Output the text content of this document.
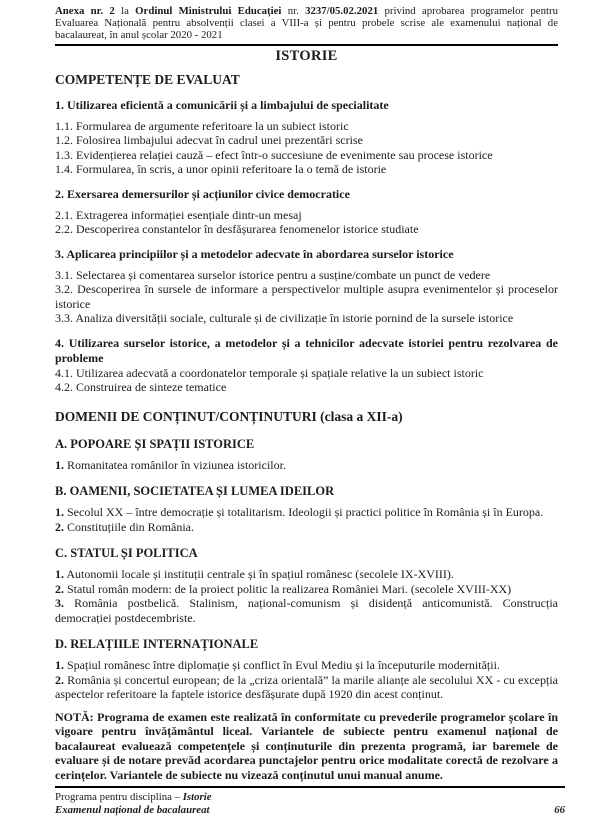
Anexa nr. 2 la Ordinul Ministrului Educației nr. 3237/05.02.2021 privind aprobarea programelor pentru Evaluarea Națională pentru absolvenții clasei a VIII-a și pentru probele scrise ale examenului național de bacalaureat, în anul școlar 2020 - 2021

ISTORIE
COMPETENȚE DE EVALUAT
1. Utilizarea eficientă a comunicării și a limbajului de specialitate

1.1. Formularea de argumente referitoare la un subiect istoric

1.2. Folosirea limbajului adecvat în cadrul unei prezentări scrise

1.3. Evidențierea relației cauză – efect într-o succesiune de evenimente sau procese istorice

1.4. Formularea, în scris, a unor opinii referitoare la o temă de istorie

2. Exersarea demersurilor și acțiunilor civice democratice

2.1. Extragerea informației esențiale dintr-un mesaj

2.2. Descoperirea constantelor în desfășurarea fenomenelor istorice studiate

3. Aplicarea principiilor și a metodelor adecvate în abordarea surselor istorice

3.1. Selectarea și comentarea surselor istorice pentru a susține/combate un punct de vedere

3.2. Descoperirea în sursele de informare a perspectivelor multiple asupra evenimentelor și proceselor istorice

3.3. Analiza diversității sociale, culturale și de civilizație în istorie pornind de la sursele istorice

4. Utilizarea surselor istorice, a metodelor și a tehnicilor adecvate istoriei pentru rezolvarea de probleme

4.1. Utilizarea adecvată a coordonatelor temporale și spațiale relative la un subiect istoric

4.2. Construirea de sinteze tematice

DOMENII DE CONȚINUT/CONȚINUTURI (clasa a XII-a)
A. POPOARE ȘI SPAȚII ISTORICE

1. Romanitatea românilor în viziunea istoricilor.

B. OAMENII, SOCIETATEA ȘI LUMEA IDEILOR

1. Secolul XX – între democrație și totalitarism. Ideologii și practici politice în România și în Europa.

2. Constituțiile din România.

C. STATUL ȘI POLITICA

1. Autonomii locale și instituții centrale și în spațiul românesc (secolele IX-XVIII).

2. Statul român modern: de la proiect politic la realizarea României Mari. (secolele XVIII-XX)

3. România postbelică. Stalinism, național-comunism și disidență anticomunistă. Construcția democrației postdecembriste.

D. RELAȚIILE INTERNAȚIONALE

1. Spațiul românesc între diplomație și conflict în Evul Mediu și la începuturile modernității.

2. România și concertul european; de la „criza orientală” la marile alianțe ale secolului XX - cu excepția aspectelor referitoare la faptele istorice desfășurate după 1920 din acest conținut.

NOTĂ: Programa de examen este realizată în conformitate cu prevederile programelor școlare în vigoare pentru învățământul liceal. Variantele de subiecte pentru examenul național de bacalaureat evaluează competențele și conținuturile din prezenta programă, iar baremele de evaluare și de notare prevăd acordarea punctajelor pentru orice modalitate corectă de rezolvare a cerințelor. Variantele de subiecte nu vizează conținutul unui manual anume.

Programa pentru disciplina – Istorie

Examenul național de bacalaureat	66
